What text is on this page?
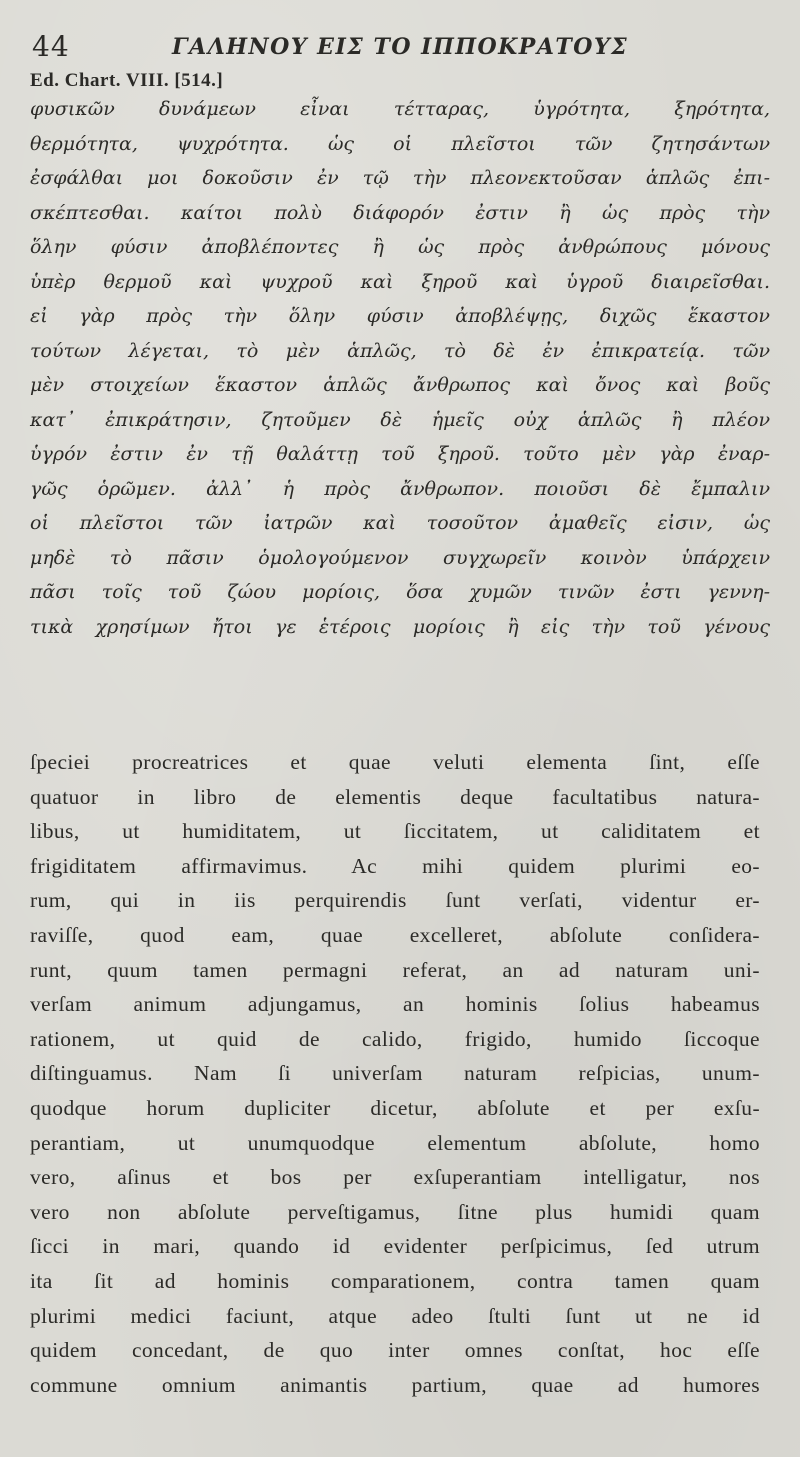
44	ΓΑΛΗΝΟΥ ΕΙΣ ΤΟ ΙΠΠΟΚΡΑΤΟΥΣ
Ed. Chart. VIII. [514.]
φυσικῶν δυνάμεων εἶναι τέτταρας, ὑγρότητα, ξηρότητα,
θερμότητα, ψυχρότητα. ὡς οἱ πλεῖστοι τῶν ζητησάντων
ἐσφάλθαι μοι δοκοῦσιν ἐν τῷ τὴν πλεονεκτοῦσαν ἁπλῶς ἐπι-
σκέπτεσθαι. καίτοι πολὺ διάφορόν ἐστιν ἢ ὡς πρὸς τὴν
ὅλην φύσιν ἀποβλέποντες ἢ ὡς πρὸς ἀνθρώπους μόνους
ὑπὲρ θερμοῦ καὶ ψυχροῦ καὶ ξηροῦ καὶ ὑγροῦ διαιρεῖσθαι.
εἰ γὰρ πρὸς τὴν ὅλην φύσιν ἀποβλέψῃς, διχῶς ἕκαστον
τούτων λέγεται, τὸ μὲν ἁπλῶς, τὸ δὲ ἐν ἐπικρατείᾳ. τῶν
μὲν στοιχείων ἕκαστον ἁπλῶς ἄνθρωπος καὶ ὄνος καὶ βοῦς
κατ᾽ ἐπικράτησιν, ζητοῦμεν δὲ ἡμεῖς οὐχ ἁπλῶς ἢ πλέον
ὑγρόν ἐστιν ἐν τῇ θαλάττῃ τοῦ ξηροῦ. τοῦτο μὲν γὰρ ἐναρ-
γῶς ὁρῶμεν. ἀλλ᾽ ἡ πρὸς ἄνθρωπον. ποιοῦσι δὲ ἔμπαλιν
οἱ πλεῖστοι τῶν ἰατρῶν καὶ τοσοῦτον ἀμαθεῖς εἰσιν, ὡς
μηδὲ τὸ πᾶσιν ὁμολογούμενον συγχωρεῖν κοινὸν ὑπάρχειν
πᾶσι τοῖς τοῦ ζώου μορίοις, ὅσα χυμῶν τινῶν ἐστι γεννη-
τικὰ χρησίμων ἤτοι γε ἑτέροις μορίοις ἢ εἰς τὴν τοῦ γένους
ſpeciei procreatrices et quae veluti elementa ſint, eſſe
quatuor in libro de elementis deque facultatibus natura-
libus, ut humiditatem, ut ſiccitatem, ut caliditatem et
frigiditatem affirmavimus. Ac mihi quidem plurimi eo-
rum, qui in iis perquirendis ſunt verſati, videntur er-
raviſſe, quod eam, quae excelleret, abſolute conſidera-
runt, quum tamen permagni referat, an ad naturam uni-
verſam animum adjungamus, an hominis ſolius habeamus
rationem, ut quid de calido, frigido, humido ſiccoque
diſtinguamus. Nam ſi univerſam naturam reſpicias, unum-
quodque horum dupliciter dicetur, abſolute et per exſu-
perantiam, ut unumquodque elementum abſolute, homo
vero, aſinus et bos per exſuperantiam intelligatur, nos
vero non abſolute perveſtigamus, ſitne plus humidi quam
ſicci in mari, quando id evidenter perſpicimus, ſed utrum
ita ſit ad hominis comparationem, contra tamen quam
plurimi medici faciunt, atque adeo ſtulti ſunt ut ne id
quidem concedant, de quo inter omnes conſtat, hoc eſſe
commune omnium animantis partium, quae ad humores
